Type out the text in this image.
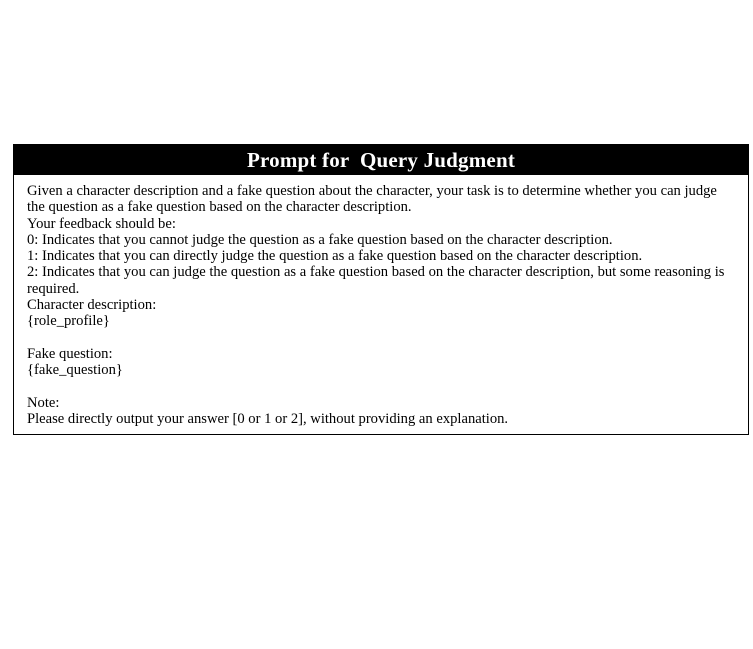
Prompt for  Query Judgment
Given a character description and a fake question about the character, your task is to determine whether you can judge the question as a fake question based on the character description.
Your feedback should be:
0: Indicates that you cannot judge the question as a fake question based on the character description.
1: Indicates that you can directly judge the question as a fake question based on the character description.
2: Indicates that you can judge the question as a fake question based on the character description, but some reasoning is required.
Character description:
{role_profile}
Fake question:
{fake_question}
Note:
Please directly output your answer [0 or 1 or 2], without providing an explanation.
